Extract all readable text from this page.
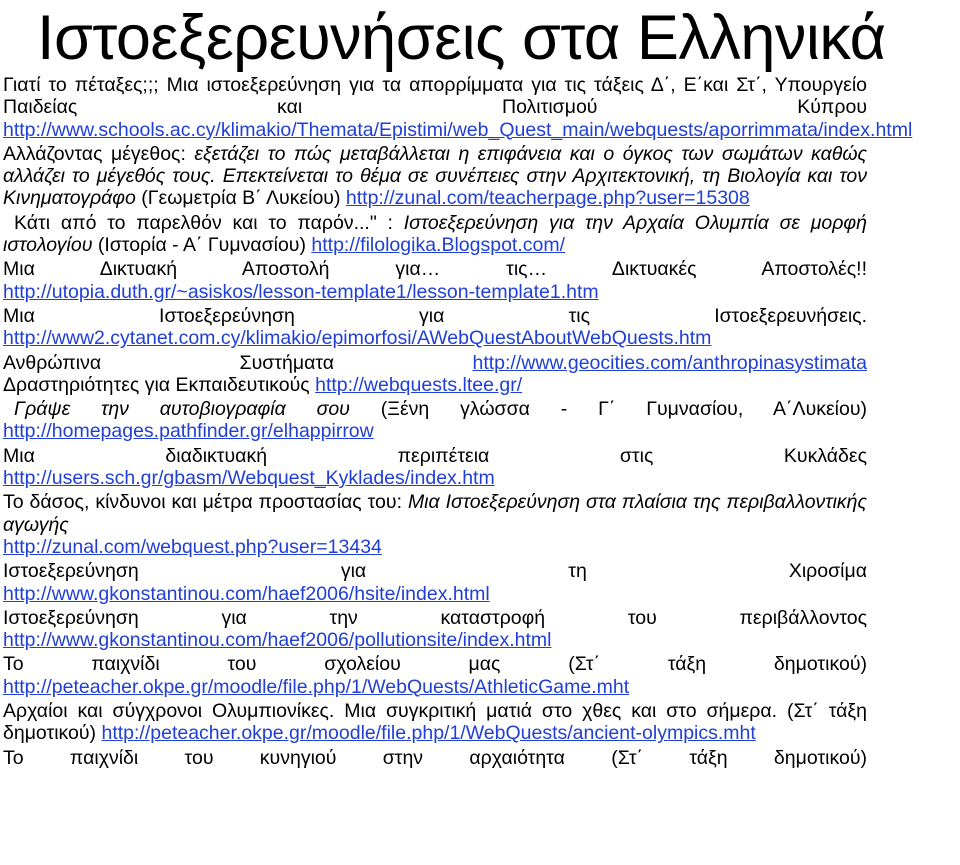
Ιστοεξερευνήσεις στα Ελληνικά
Γιατί το πέταξες;;; Μια ιστοεξερεύνηση για τα απορρίμματα για τις τάξεις Δ΄, Ε΄και Στ΄, Υπουργείο Παιδείας και Πολιτισμού Κύπρου http://www.schools.ac.cy/klimakio/Themata/Epistimi/web_Quest_main/webquests/aporrimmata/index.html
Αλλάζοντας μέγεθος: εξετάζει το πώς μεταβάλλεται η επιφάνεια και ο όγκος των σωμάτων καθώς αλλάζει το μέγεθός τους. Επεκτείνεται το θέμα σε συνέπειες στην Αρχιτεκτονική, τη Βιολογία και τον Κινηματογράφο (Γεωμετρία Β΄ Λυκείου) http://zunal.com/teacherpage.php?user=15308
Κάτι από το παρελθόν και το παρόν..." : Ιστοεξερεύνηση για την Αρχαία Ολυμπία σε μορφή ιστολογίου (Ιστορία - Α΄ Γυμνασίου) http://filologika.Blogspot.com/
Μια Δικτυακή Αποστολή για… τις… Δικτυακές Αποστολές!!
http://utopia.duth.gr/~asiskos/lesson-template1/lesson-template1.htm
Μια Ιστοεξερεύνηση για τις Ιστοεξερευνήσεις.
http://www2.cytanet.com.cy/klimakio/epimorfosi/AWebQuestAboutWebQuests.htm
Ανθρώπινα Συστήματα	http://www.geocities.com/anthropinasystimata
Δραστηριότητες για Εκπαιδευτικούς http://webquests.ltee.gr/
Γράψε την αυτοβιογραφία σου (Ξένη γλώσσα - Γ΄ Γυμνασίου, Α΄Λυκείου) http://homepages.pathfinder.gr/elhappirrow
Μια διαδικτυακή περιπέτεια στις Κυκλάδες
http://users.sch.gr/gbasm/Webquest_Kyklades/index.htm
Το δάσος, κίνδυνοι και μέτρα προστασίας του: Μια Ιστοεξερεύνηση στα πλαίσια της περιβαλλοντικής αγωγής
http://zunal.com/webquest.php?user=13434
Ιστοεξερεύνηση για τη Χιροσίμα
http://www.gkonstantinou.com/haef2006/hsite/index.html
Ιστοεξερεύνηση για την καταστροφή του περιβάλλοντος
http://www.gkonstantinou.com/haef2006/pollutionsite/index.html
Το παιχνίδι του σχολείου μας (Στ΄ τάξη δημοτικού)
http://peteacher.okpe.gr/moodle/file.php/1/WebQuests/AthleticGame.mht
Αρχαίοι και σύγχρονοι Ολυμπιονίκες. Μια συγκριτική ματιά στο χθες και στο σήμερα. (Στ΄ τάξη δημοτικού) http://peteacher.okpe.gr/moodle/file.php/1/WebQuests/ancient-olympics.mht
Το παιχνίδι του κυνηγιού στην αρχαιότητα (Στ΄ τάξη δημοτικού)
